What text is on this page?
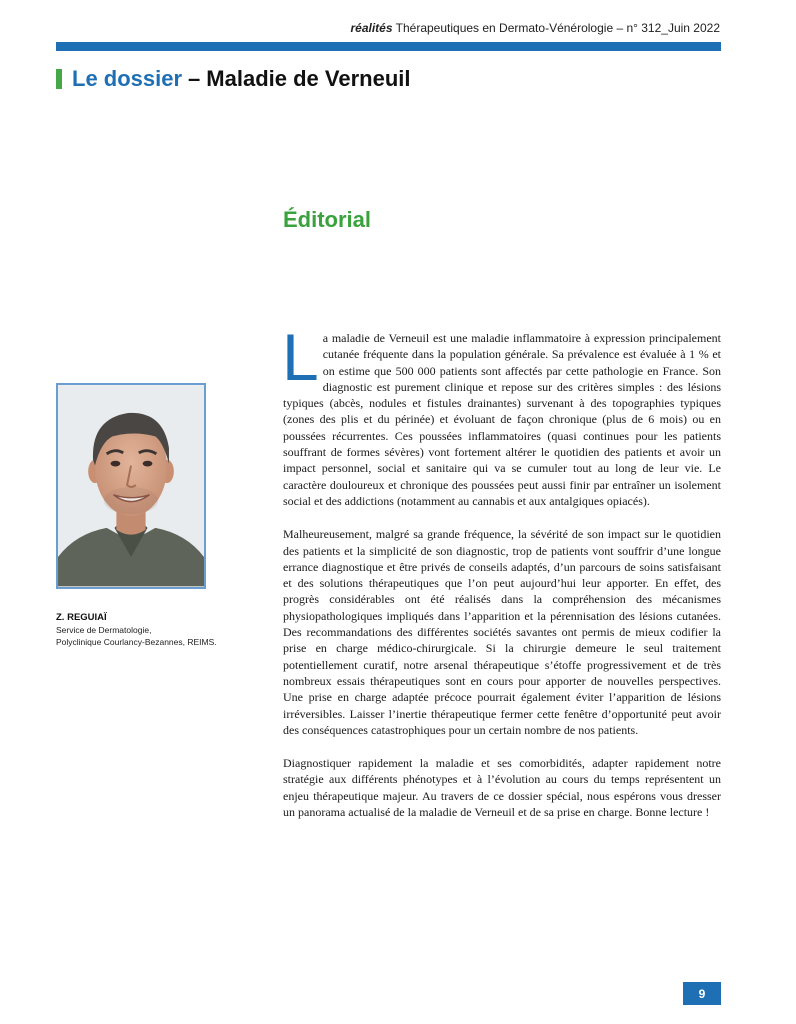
réalités Thérapeutiques en Dermato-Vénérologie – n° 312_Juin 2022
Le dossier – Maladie de Verneuil
Éditorial
Z. REGUIAÏ
Service de Dermatologie,
Polyclinique Courlancy-Bezannes, REIMS.

La maladie de Verneuil est une maladie inflammatoire à expression principalement cutanée fréquente dans la population générale. Sa prévalence est évaluée à 1 % et on estime que 500 000 patients sont affectés par cette pathologie en France. Son diagnostic est purement clinique et repose sur des critères simples : des lésions typiques (abcès, nodules et fistules drainantes) survenant à des topographies typiques (zones des plis et du périnée) et évoluant de façon chronique (plus de 6 mois) ou en poussées récurrentes. Ces poussées inflammatoires (quasi continues pour les patients souffrant de formes sévères) vont fortement altérer le quotidien des patients et avoir un impact personnel, social et sanitaire qui va se cumuler tout au long de leur vie. Le caractère douloureux et chronique des poussées peut aussi finir par entraîner un isolement social et des addictions (notamment au cannabis et aux antalgiques opiacés).

Malheureusement, malgré sa grande fréquence, la sévérité de son impact sur le quotidien des patients et la simplicité de son diagnostic, trop de patients vont souffrir d’une longue errance diagnostique et être privés de conseils adaptés, d’un parcours de soins satisfaisant et des solutions thérapeutiques que l’on peut aujourd’hui leur apporter. En effet, des progrès considérables ont été réalisés dans la compréhension des mécanismes physiopathologiques impliqués dans l’apparition et la pérennisation des lésions cutanées. Des recommandations des différentes sociétés savantes ont permis de mieux codifier la prise en charge médico-chirurgicale. Si la chirurgie demeure le seul traitement potentiellement curatif, notre arsenal thérapeutique s’étoffe progressivement et de très nombreux essais thérapeutiques sont en cours pour apporter de nouvelles perspectives. Une prise en charge adaptée précoce pourrait également éviter l’apparition de lésions irréversibles. Laisser l’inertie thérapeutique fermer cette fenêtre d’opportunité peut avoir des conséquences catastrophiques pour un certain nombre de nos patients.

Diagnostiquer rapidement la maladie et ses comorbidités, adapter rapidement notre stratégie aux différents phénotypes et à l’évolution au cours du temps représentent un enjeu thérapeutique majeur. Au travers de ce dossier spécial, nous espérons vous dresser un panorama actualisé de la maladie de Verneuil et de sa prise en charge. Bonne lecture !

9
